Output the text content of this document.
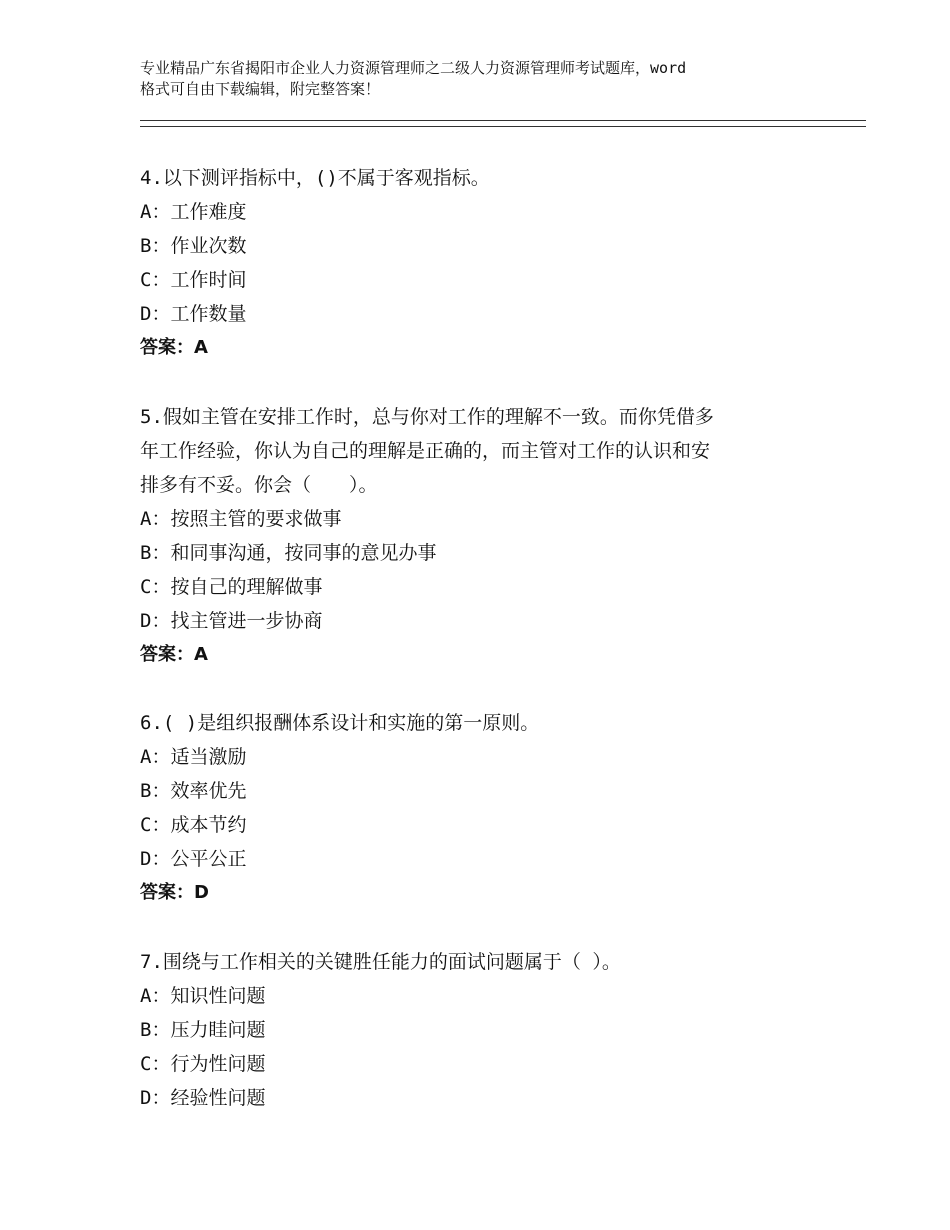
专业精品广东省揭阳市企业人力资源管理师之二级人力资源管理师考试题库，word
格式可自由下载编辑，附完整答案！
4.以下测评指标中，()不属于客观指标。
A：工作难度
B：作业次数
C：工作时间
D：工作数量
答案：A
5.假如主管在安排工作时，总与你对工作的理解不一致。而你凭借多
年工作经验，你认为自己的理解是正确的，而主管对工作的认识和安
排多有不妥。你会（　　）。
A：按照主管的要求做事
B：和同事沟通，按同事的意见办事
C：按自己的理解做事
D：找主管进一步协商
答案：A
6.( )是组织报酬体系设计和实施的第一原则。
A：适当激励
B：效率优先
C：成本节约
D：公平公正
答案：D
7.围绕与工作相关的关键胜任能力的面试问题属于（ ）。
A：知识性问题
B：压力眭问题
C：行为性问题
D：经验性问题
